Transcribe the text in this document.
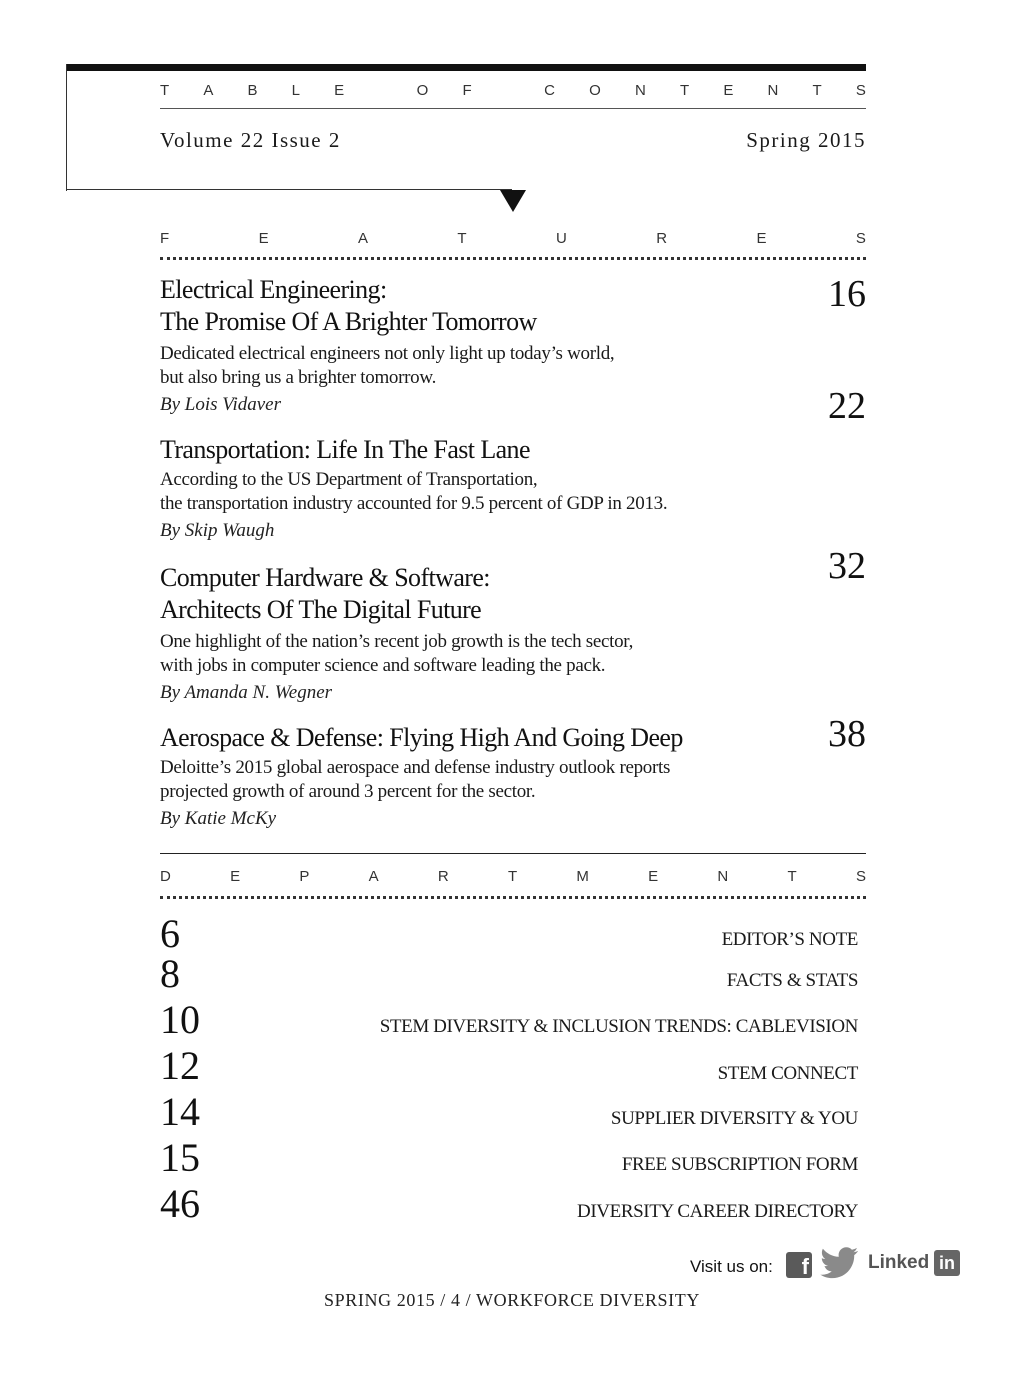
T A B L E
	O F
	C O N T E N T S
Volume 22 Issue 2	Spring 2015
F	E	A	T	U	R	E	S
Electrical Engineering:
The Promise Of A Brighter Tomorrow
Dedicated electrical engineers not only light up today’s world,
but also bring us a brighter tomorrow.
By Lois Vidaver
16
Transportation: Life In The Fast Lane
According to the US Department of Transportation,
the transportation industry accounted for 9.5 percent of GDP in 2013.
By Skip Waugh
22
Computer Hardware & Software:
Architects Of The Digital Future
One highlight of the nation’s recent job growth is the tech sector,
with jobs in computer science and software leading the pack.
By Amanda N. Wegner
32
Aerospace & Defense: Flying High And Going Deep
Deloitte’s 2015 global aerospace and defense industry outlook reports
projected growth of around 3 percent for the sector.
By Katie McKy
38
D	E	P	A	R	T	M	E	N	T	S
6	EDITOR’S NOTE
8	FACTS & STATS
10	STEM DIVERSITY & INCLUSION TRENDS: CABLEVISION
12	STEM CONNECT
14	SUPPLIER DIVERSITY & YOU
15	FREE SUBSCRIPTION FORM
46	DIVERSITY CAREER DIRECTORY
Visit us on:	f	Linked in
SPRING 2015 / 4 / WORKFORCE DIVERSITY
